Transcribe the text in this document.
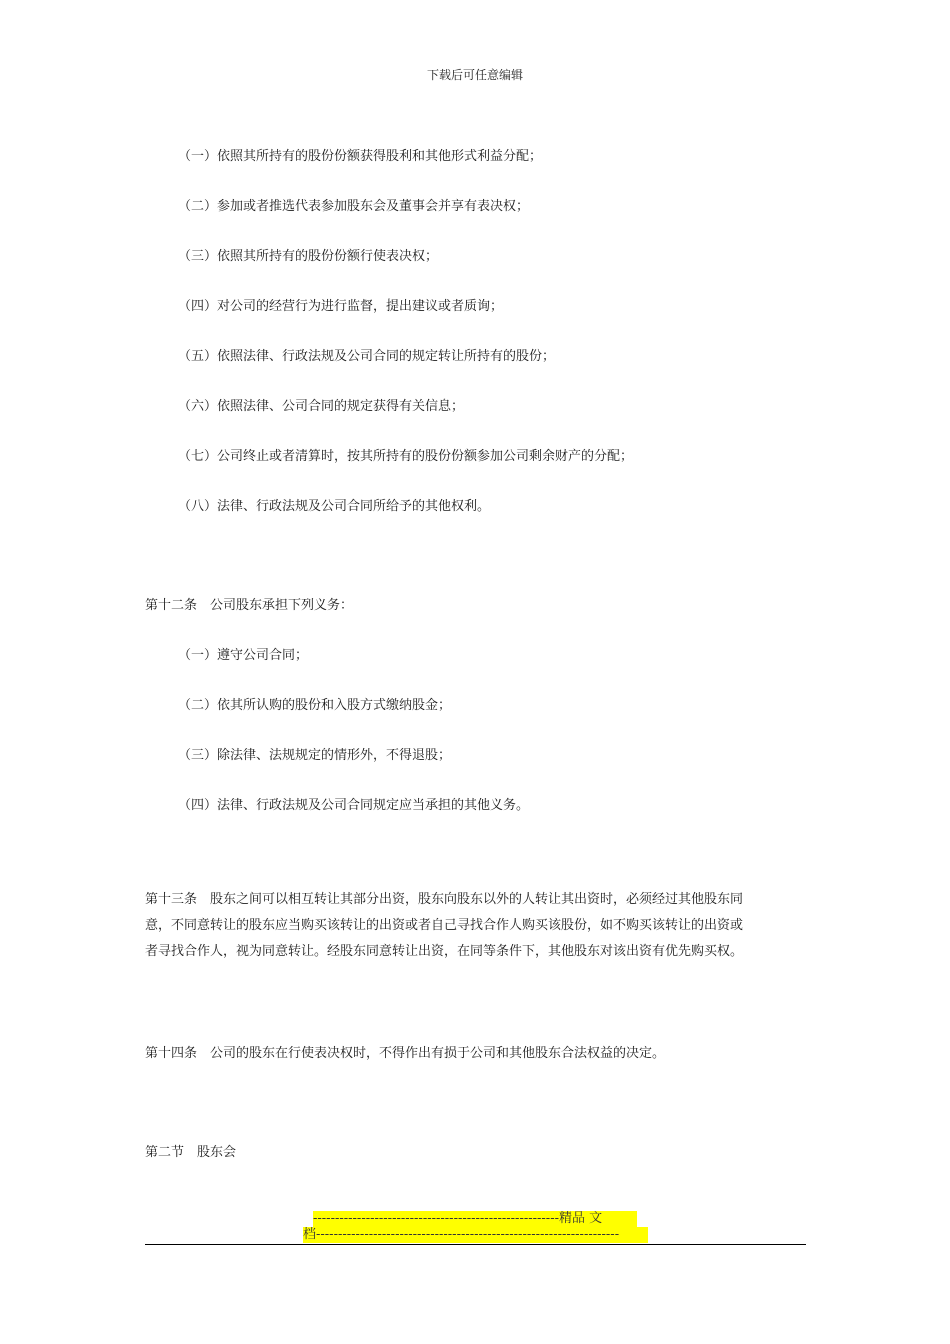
下载后可任意编辑
（一）依照其所持有的股份份额获得股利和其他形式利益分配；
（二）参加或者推选代表参加股东会及董事会并享有表决权；
（三）依照其所持有的股份份额行使表决权；
（四）对公司的经营行为进行监督，提出建议或者质询；
（五）依照法律、行政法规及公司合同的规定转让所持有的股份；
（六）依照法律、公司合同的规定获得有关信息；
（七）公司终止或者清算时，按其所持有的股份份额参加公司剩余财产的分配；
（八）法律、行政法规及公司合同所给予的其他权利。
第十二条　公司股东承担下列义务：
（一）遵守公司合同；
（二）依其所认购的股份和入股方式缴纳股金；
（三）除法律、法规规定的情形外，不得退股；
（四）法律、行政法规及公司合同规定应当承担的其他义务。

第十三条　股东之间可以相互转让其部分出资，股东向股东以外的人转让其出资时，必须经过其他股东同

意，不同意转让的股东应当购买该转让的出资或者自己寻找合作人购买该股份，如不购买该转让的出资或

者寻找合作人，视为同意转让。经股东同意转让出资，在同等条件下，其他股东对该出资有优先购买权。

第十四条　公司的股东在行使表决权时，不得作出有损于公司和其他股东合法权益的决定。
第二节　股东会
--------------------------------------------------------精品 文
档---------------------------------------------------------------------
